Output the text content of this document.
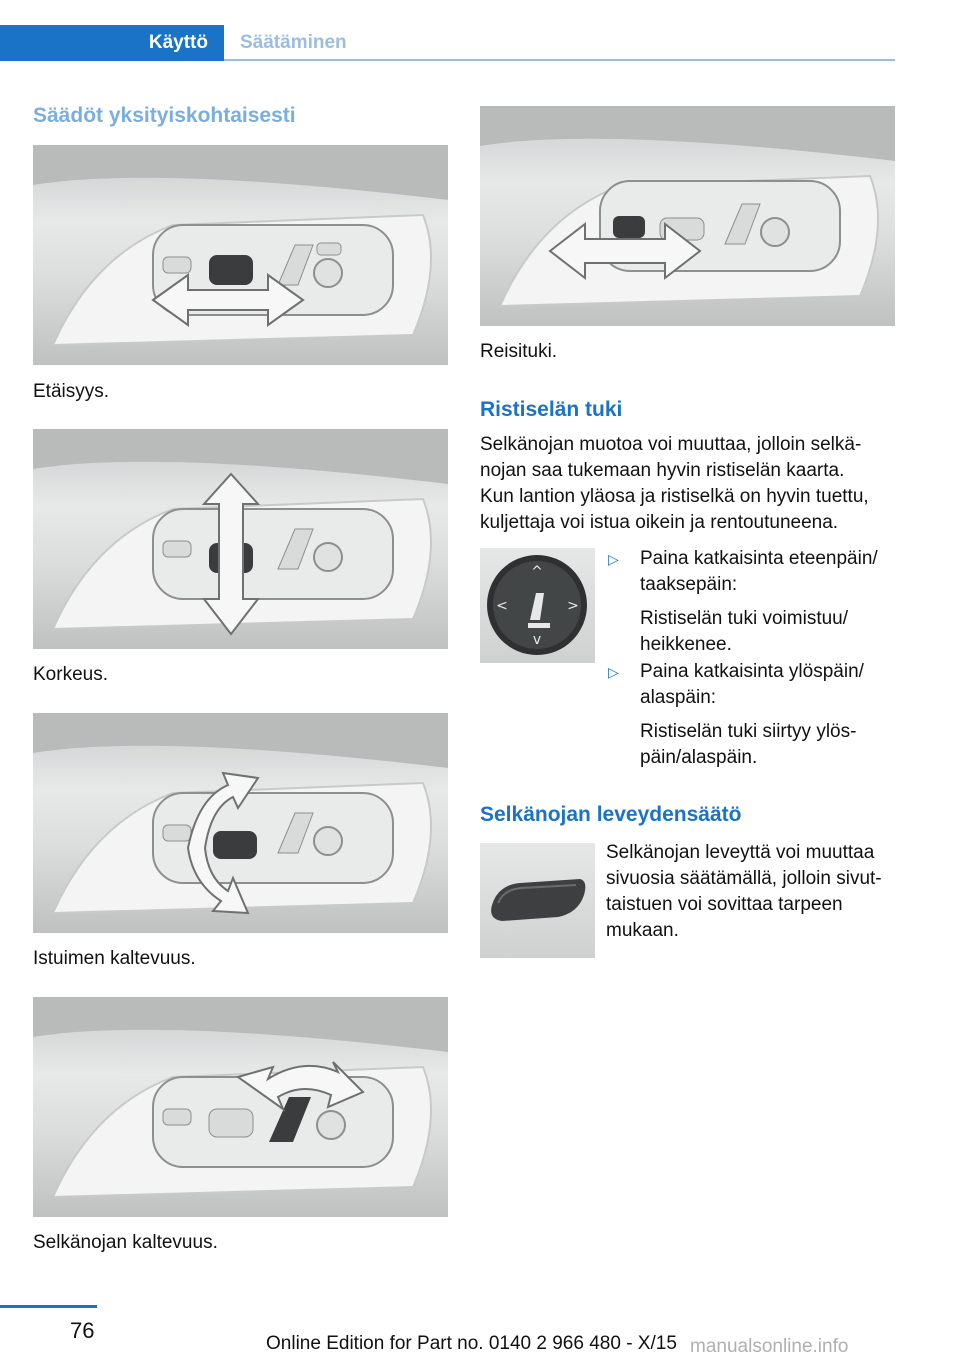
Käyttö	Säätäminen
Säädöt yksityiskohtaisesti
Etäisyys.
Korkeus.
Istuimen kaltevuus.
Selkänojan kaltevuus.
Reisituki.
Ristiselän tuki
Selkänojan muotoa voi muuttaa, jolloin selkä‐
nojan saa tukemaan hyvin ristiselän kaarta.
Kun lantion yläosa ja ristiselkä on hyvin tuettu,
kuljettaja voi istua oikein ja rentoutuneena.
^
v
<	>
▷ Paina katkaisinta eteenpäin/
taaksepäin:
Ristiselän tuki voimistuu/
heikkenee.
▷ Paina katkaisinta ylöspäin/
alaspäin:
Ristiselän tuki siirtyy ylös‐
päin/alaspäin.
Selkänojan leveydensäätö
Selkänojan leveyttä voi muuttaa
sivuosia säätämällä, jolloin sivut‐
taistuen voi sovittaa tarpeen
mukaan.
76
Online Edition for Part no. 0140 2 966 480 - X/15 manualsonline.info
